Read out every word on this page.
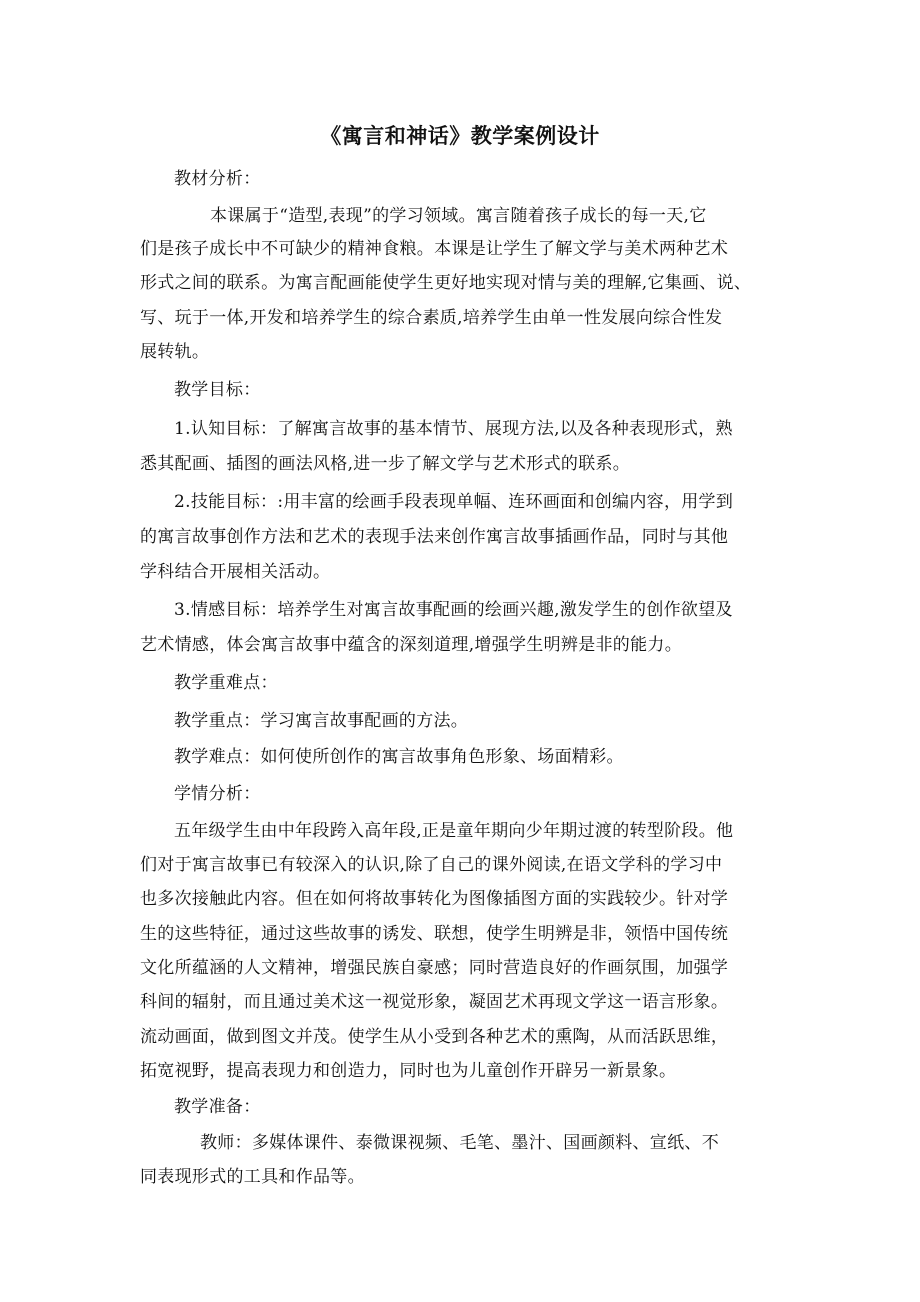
《寓言和神话》教学案例设计
教材分析：
本课属于“造型,表现”的学习领域。寓言随着孩子成长的每一天,它
们是孩子成长中不可缺少的精神食粮。本课是让学生了解文学与美术两种艺术
形式之间的联系。为寓言配画能使学生更好地实现对情与美的理解,它集画、说、
写、玩于一体,开发和培养学生的综合素质,培养学生由单一性发展向综合性发
展转轨。
教学目标：
1.认知目标：了解寓言故事的基本情节、展现方法,以及各种表现形式，熟
悉其配画、插图的画法风格,进一步了解文学与艺术形式的联系。
2.技能目标：:用丰富的绘画手段表现单幅、连环画面和创编内容，用学到
的寓言故事创作方法和艺术的表现手法来创作寓言故事插画作品，同时与其他
学科结合开展相关活动。
3.情感目标：培养学生对寓言故事配画的绘画兴趣,激发学生的创作欲望及
艺术情感，体会寓言故事中蕴含的深刻道理,增强学生明辨是非的能力。
教学重难点：
教学重点：学习寓言故事配画的方法。
教学难点：如何使所创作的寓言故事角色形象、场面精彩。
学情分析：
五年级学生由中年段跨入高年段,正是童年期向少年期过渡的转型阶段。他
们对于寓言故事已有较深入的认识,除了自己的课外阅读,在语文学科的学习中
也多次接触此内容。但在如何将故事转化为图像插图方面的实践较少。针对学
生的这些特征，通过这些故事的诱发、联想，使学生明辨是非，领悟中国传统
文化所蕴涵的人文精神，增强民族自豪感；同时营造良好的作画氛围，加强学
科间的辐射，而且通过美术这一视觉形象，凝固艺术再现文学这一语言形象。
流动画面，做到图文并茂。使学生从小受到各种艺术的熏陶，从而活跃思维，
拓宽视野，提高表现力和创造力，同时也为儿童创作开辟另一新景象。
教学准备：
教师：多媒体课件、泰微课视频、毛笔、墨汁、国画颜料、宣纸、不
同表现形式的工具和作品等。
